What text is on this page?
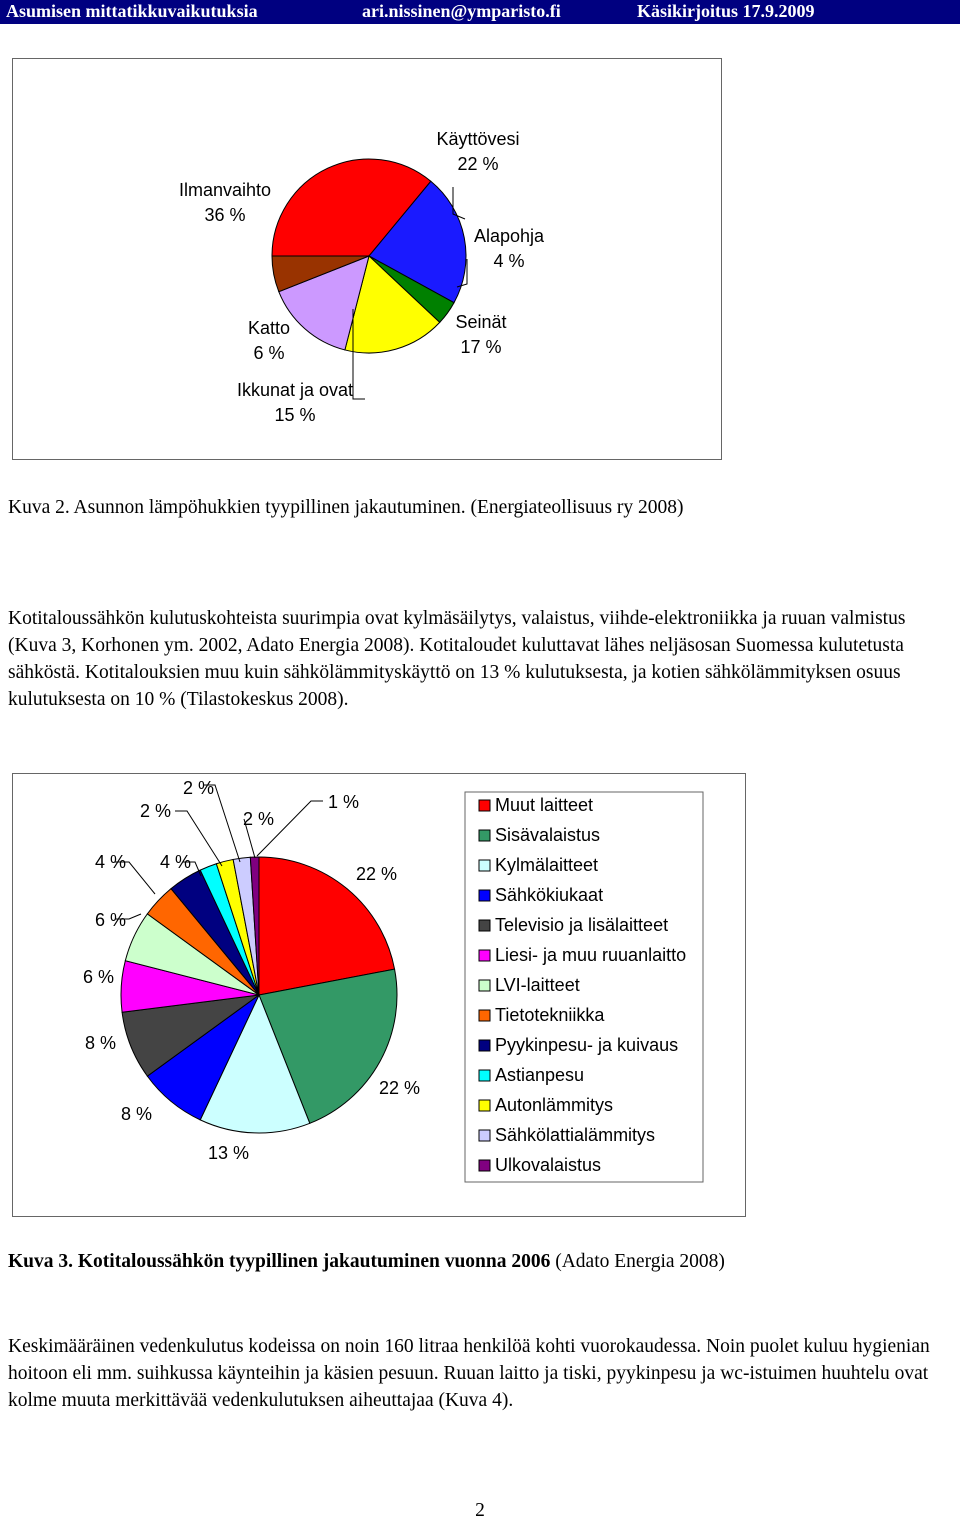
Asumisen mittatikkuvaikutuksia	ari.nissinen@ymparisto.fi	Käsikirjoitus 17.9.2009
Ilmanvaihto
36 %
Käyttövesi
22 %
Alapohja
4 %
Seinät
17 %
Ikkunat ja ovat
15 %
Katto
6 %
Kuva 2. Asunnon lämpöhukkien tyypillinen jakautuminen. (Energiateollisuus ry 2008)
Kotitaloussähkön kulutuskohteista suurimpia ovat kylmäsäilytys, valaistus, viihde-elektroniikka ja ruuan valmistus (Kuva 3, Korhonen ym. 2002, Adato Energia 2008). Kotitaloudet kuluttavat lähes neljäsosan Suomessa kulutetusta sähköstä. Kotitalouksien muu kuin sähkölämmityskäyttö on 13 % kulutuksesta, ja kotien sähkölämmityksen osuus kulutuksesta on 10 % (Tilastokeskus 2008).
2 %
2 %	2 %
1 %
22 %
4 % 4 %
6 %
6 %
8 %
8 %
13 %
22 %
Muut laitteet
Sisävalaistus
Kylmälaitteet
Sähkökiukaat
Televisio ja lisälaitteet
Liesi- ja muu ruuanlaitto
LVI-laitteet
Tietotekniikka
Pyykinpesu- ja kuivaus
Astianpesu
Autonlämmitys
Sähkölattialämmitys
Ulkovalaistus
Kuva 3. Kotitaloussähkön tyypillinen jakautuminen vuonna 2006 (Adato Energia 2008)
Keskimääräinen vedenkulutus kodeissa on noin 160 litraa henkilöä kohti vuorokaudessa. Noin puolet kuluu hygienian hoitoon eli mm. suihkussa käynteihin ja käsien pesuun. Ruuan laitto ja tiski, pyykinpesu ja wc-istuimen huuhtelu ovat kolme muuta merkittävää vedenkulutuksen aiheuttajaa (Kuva 4).
2
